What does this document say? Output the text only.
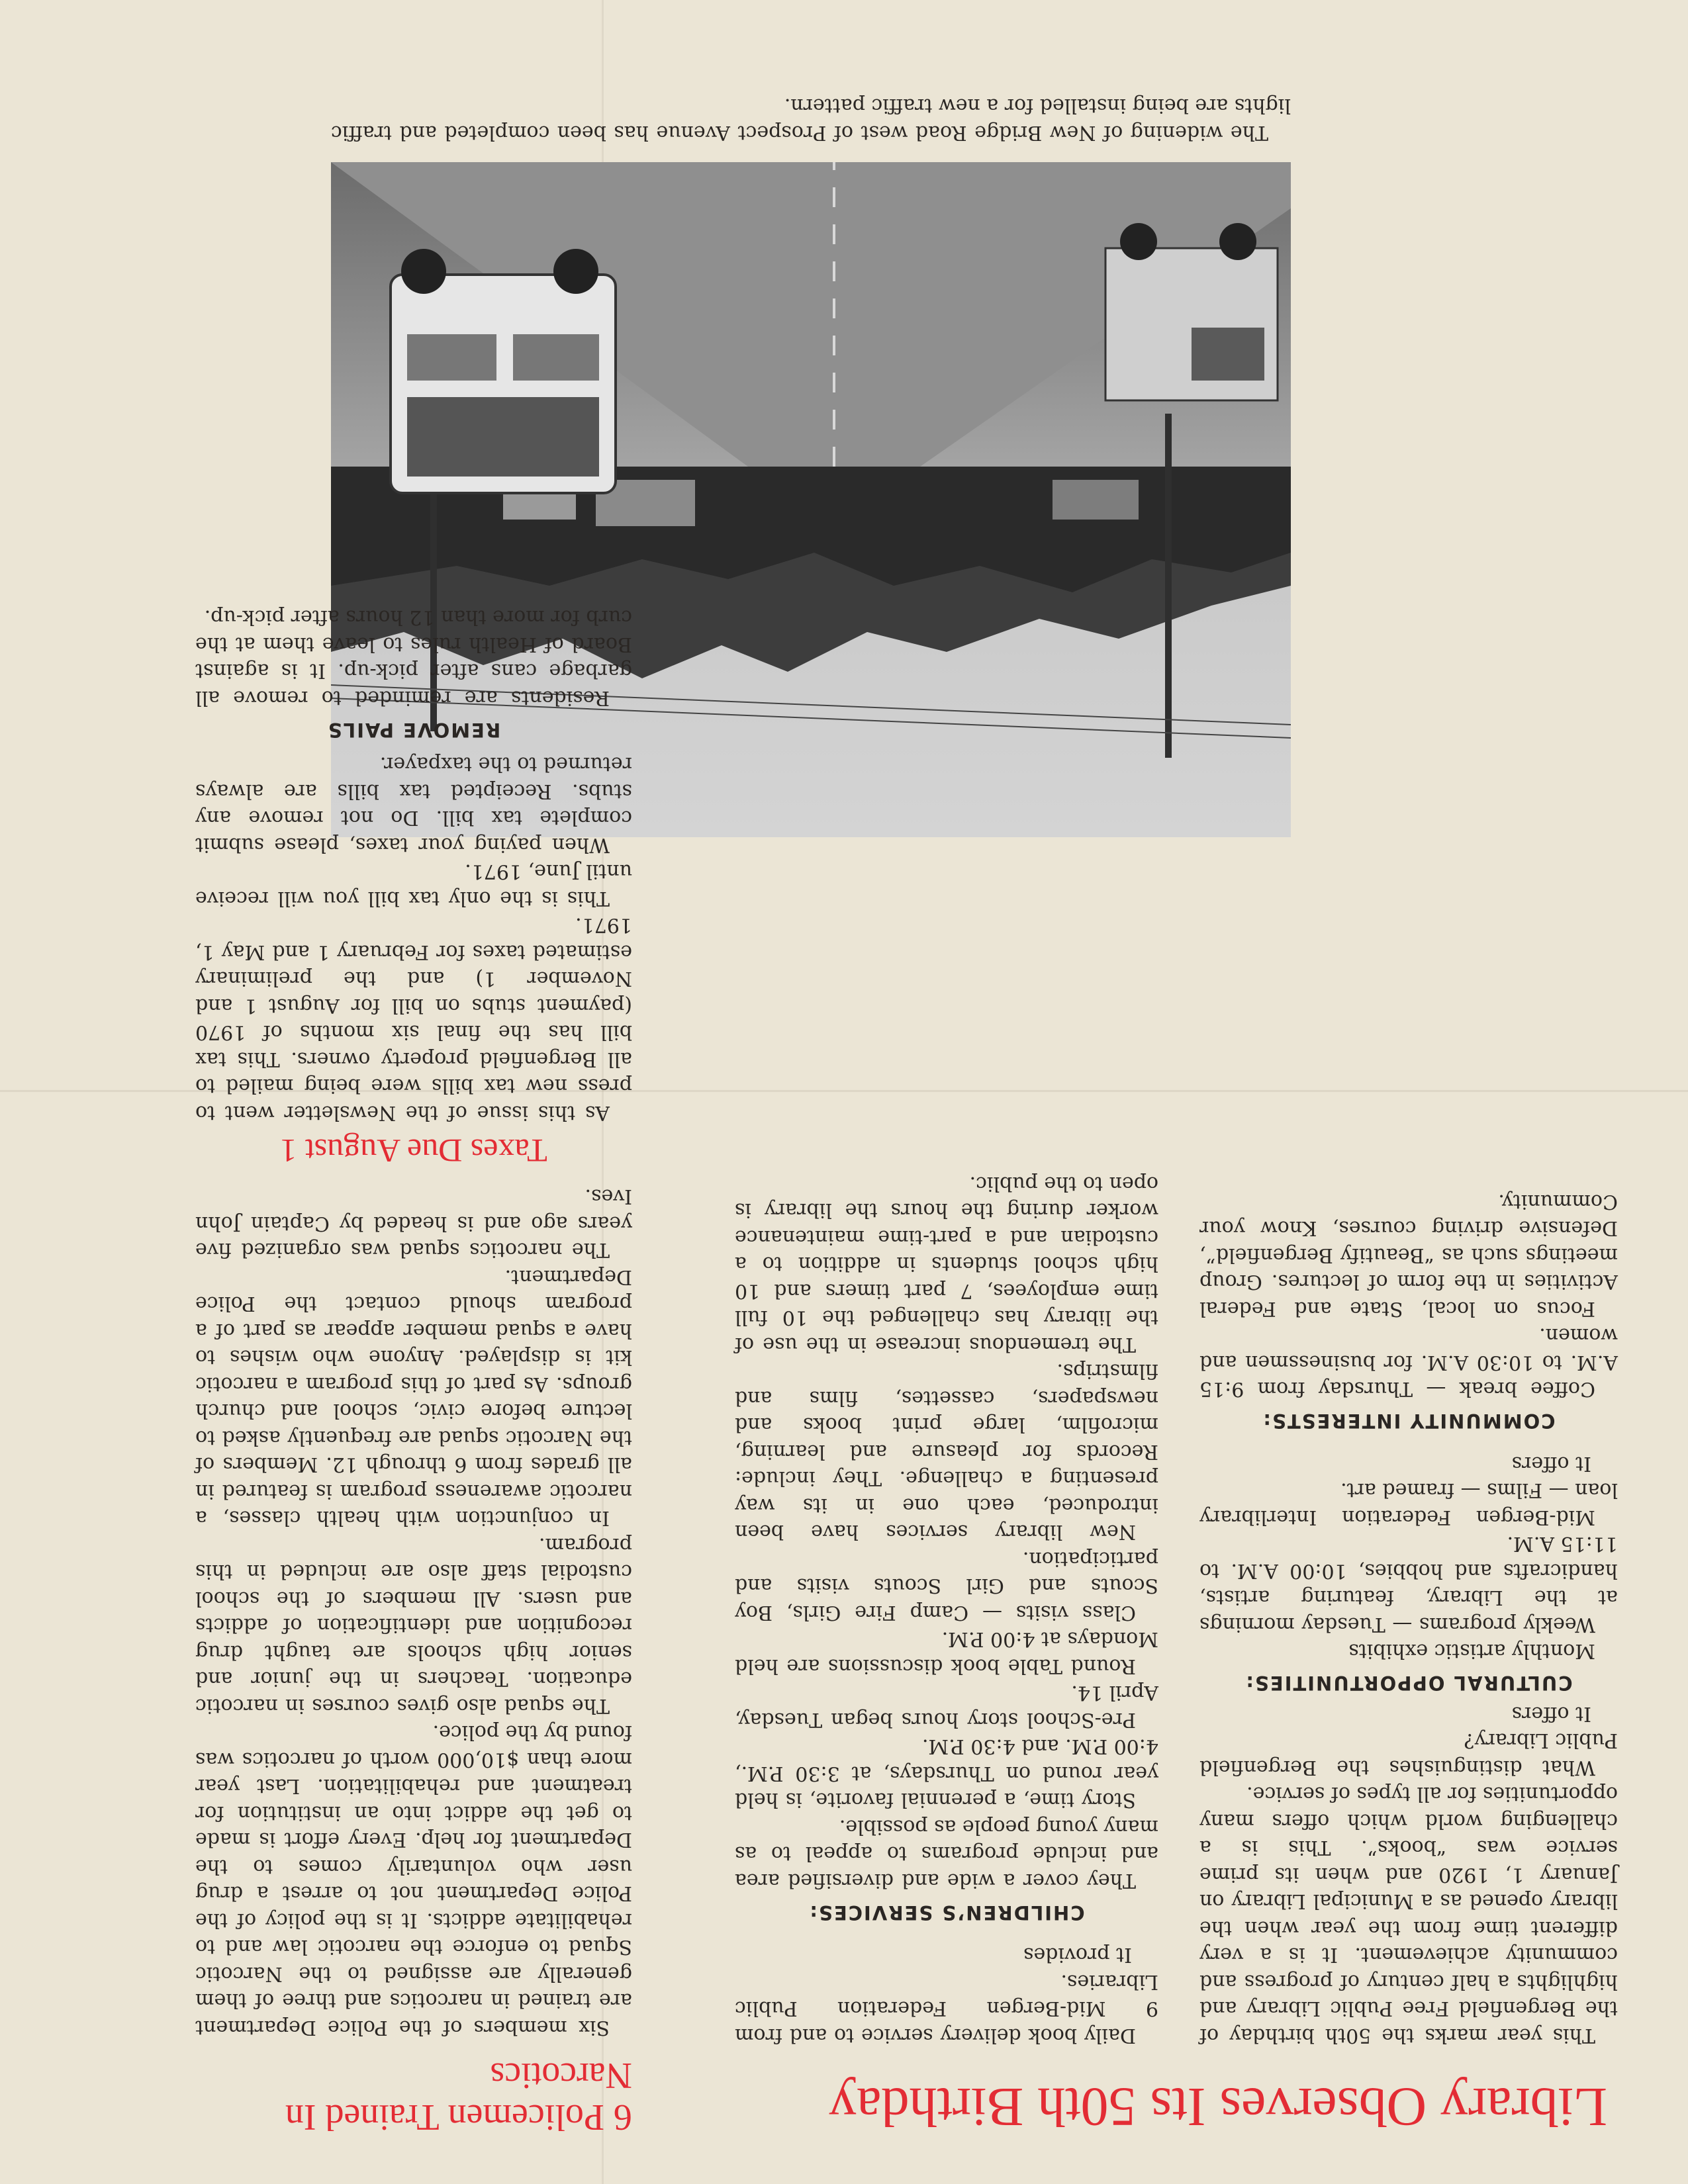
Library Observes Its 50th Birthday

This year marks the 50th birthday of the Bergenfield Free Public Library and highlights a half century of progress and community achievement. It is a very different time from the year when the library opened as a Municipal Library on January 1, 1920 and when its prime service was “books”. This is a challenging world which offers many opportunities for all types of service.

What distinguishes the Bergenfield Public Library?

It offers

CULTURAL OPPORTUNITIES:

Monthly artistic exhibits

Weekly programs — Tuesday mornings at the Library, featuring artists, handicrafts and hobbies, 10:00 A.M. to 11:15 A.M.

Mid-Bergen Federation Interlibrary loan — Films — framed art.

It offers

COMMUNITY INTERESTS:

Coffee break — Thursday from 9:15 A.M. to 10:30 A.M. for businessmen and women.

Focus on local, State and Federal Activities in the form of lectures. Group meetings such as “Beautify Bergenfield”, Defensive driving courses, Know your Community.

Daily book delivery service to and from 9 Mid-Bergen Federation Public Libraries.

It provides

CHILDREN’S SERVICES:

They cover a wide and diversified area and include programs to appeal to as many young people as possible.

Story time, a perennial favorite, is held year round on Thursdays, at 3:30 P.M., 4:00 P.M. and 4:30 P.M.

Pre-School story hours began Tuesday, April 14.

Round Table book discussions are held Mondays at 4:00 P.M.

Class visits — Camp Fire Girls, Boy Scouts and Girl Scouts visits and participation.

New library services have been introduced, each one in its way presenting a challenge. They include: Records for pleasure and learning, microfilm, large print books and newspapers, cassettes, films and filmstrips.

The tremendous increase in the use of the library has challenged the 10 full time employees, 7 part timers and 10 high school students in addition to a custodian and a part-time maintenance worker during the hours the library is open to the public.

The widening of New Bridge Road west of Prospect Avenue has been completed and traffic lights are being installed for a new traffic pattern.

6 Policemen Trained In Narcotics

Six members of the Police Department are trained in narcotics and three of them generally are assigned to the Narcotic Squad to enforce the narcotic law and to rehabilitate addicts. It is the policy of the Police Department not to arrest a drug user who voluntarily comes to the Department for help. Every effort is made to get the addict into an institution for treatment and rehabilitation. Last year more than $10,000 worth of narcotics was found by the police.

The squad also gives courses in narcotic education. Teachers in the junior and senior high schools are taught drug recognition and identification of addicts and users. All members of the school custodial staff also are included in this program.

In conjunction with health classes, a narcotic awareness program is featured in all grades from 6 through 12. Members of the Narcotic squad are frequently asked to lecture before civic, school and church groups. As part of this program a narcotic kit is displayed. Anyone who wishes to have a squad member appear as part of a program should contact the Police Department.

The narcotics squad was organized five years ago and is headed by Captain John Ives.

Taxes Due August 1

As this issue of the Newsletter went to press new tax bills were being mailed to all Bergenfield property owners. This tax bill has the final six months of 1970 (payment stubs on bill for August 1 and November 1) and the preliminary estimated taxes for February 1 and May 1, 1971.

This is the only tax bill you will receive until June, 1971.

When paying your taxes, please submit complete tax bill. Do not remove any stubs. Receipted tax bills are always returned to the taxpayer.

REMOVE PAILS

Residents are reminded to remove all garbage cans after pick-up. It is against Board of Health rules to leave them at the curb for more than 12 hours after pick-up.
